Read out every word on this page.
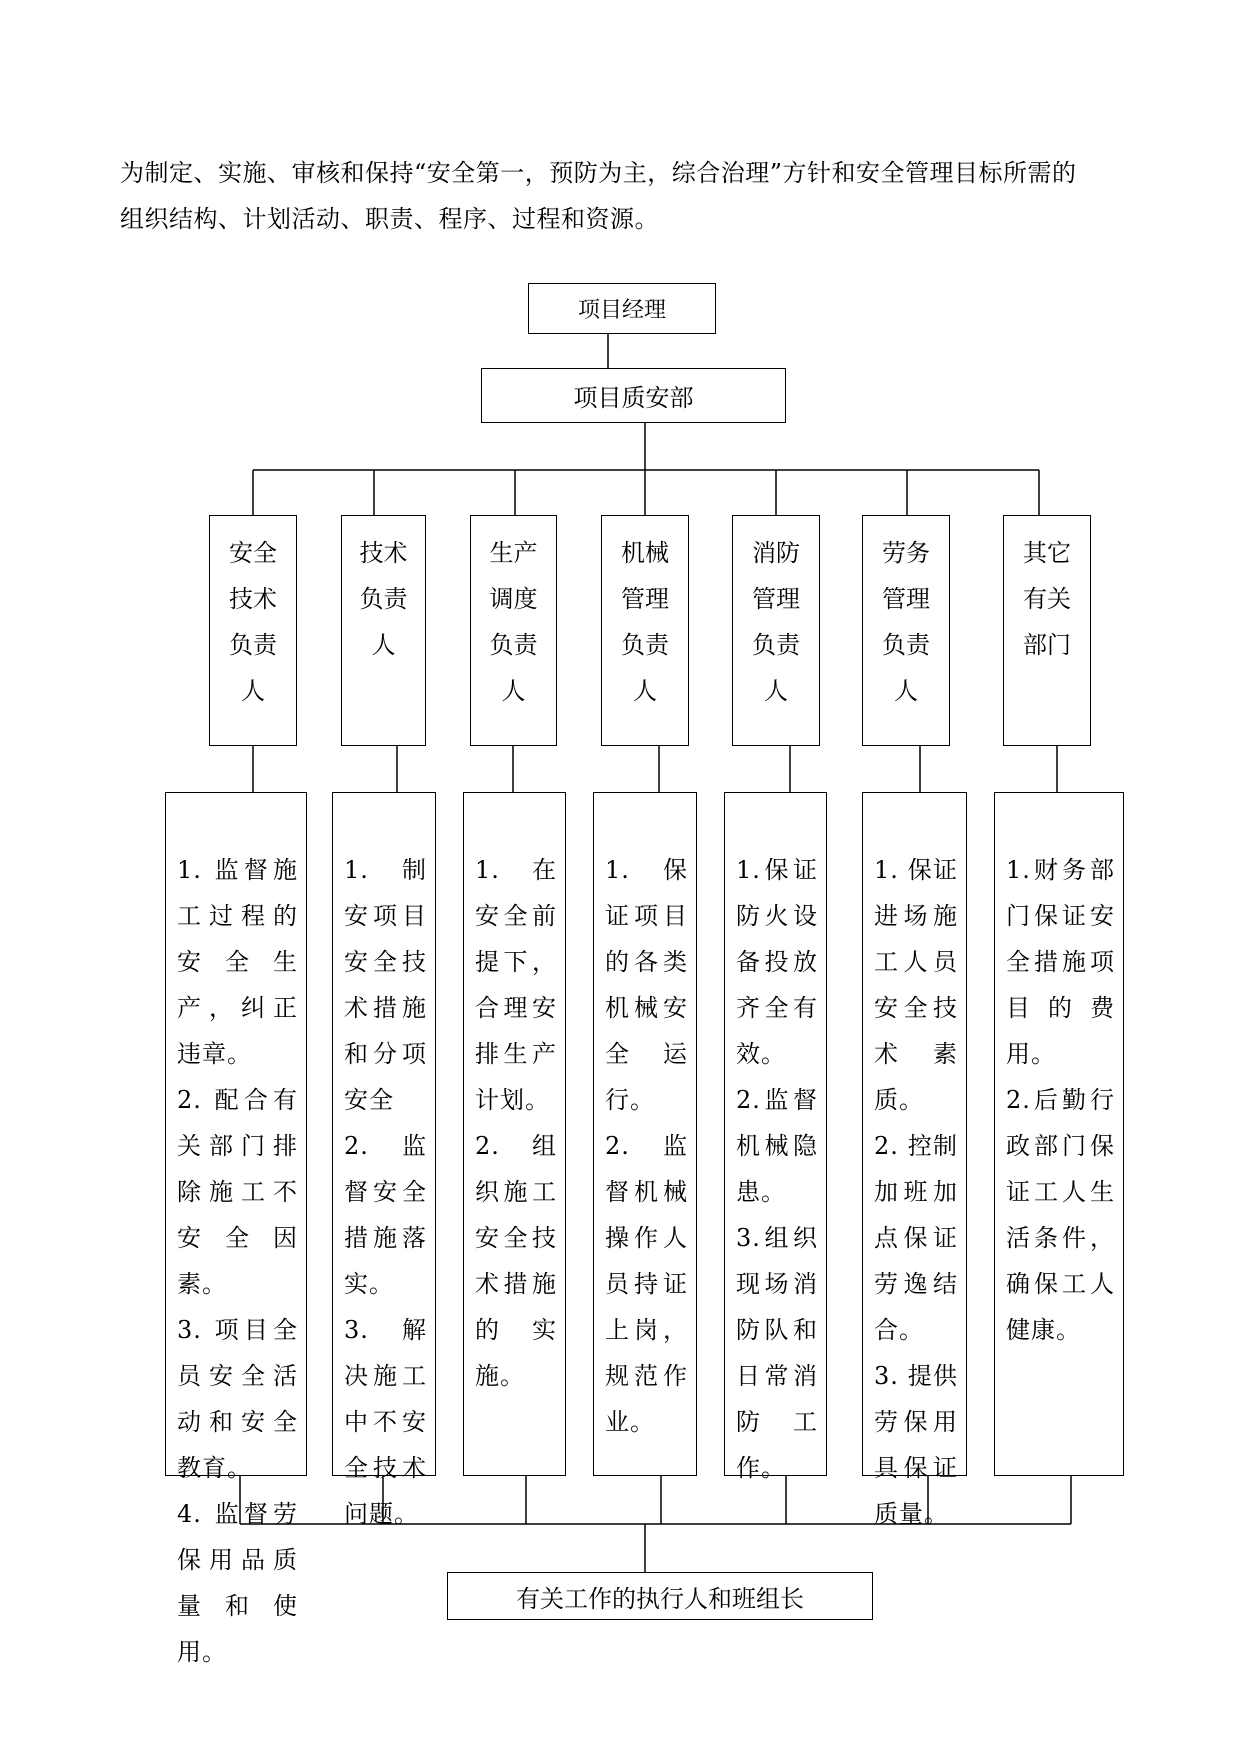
为制定、实施、审核和保持“安全第一，预防为主，综合治理”方针和安全管理目标所需的
组织结构、计划活动、职责、程序、过程和资源。

项目经理
项目质安部
安全技术负责人
技术负责人
生产调度负责人
机械管理负责人
消防管理负责人
劳务管理负责人
其它有关部门

1. 监督施工过程的安全生产，纠正违章。
2. 配合有关部门排除施工不安全因素。
3. 项目全员安全活动和安全教育。
4. 监督劳保用品质量和使用。

1. 制安项目安全技术措施和分项安全
2. 监督安全措施落实。
3. 解决施工中不安全技术问题。

1. 在安全前提下，合理安排生产计划。
2. 组织施工安全技术措施的实施。

1. 保证项目的各类机械安全运行。
2. 监督机械操作人员持证上岗，规范作业。

1.保证防火设备投放齐全有效。
2.监督机械隐患。
3.组织现场消防队和日常消防工作。

1. 保证进场施工人员安全技术素质。
2. 控制加班加点保证劳逸结合。
3. 提供劳保用具保证质量。

1.财务部门保证安全措施项目的费用。
2.后勤行政部门保证工人生活条件，确保工人健康。

有关工作的执行人和班组长
